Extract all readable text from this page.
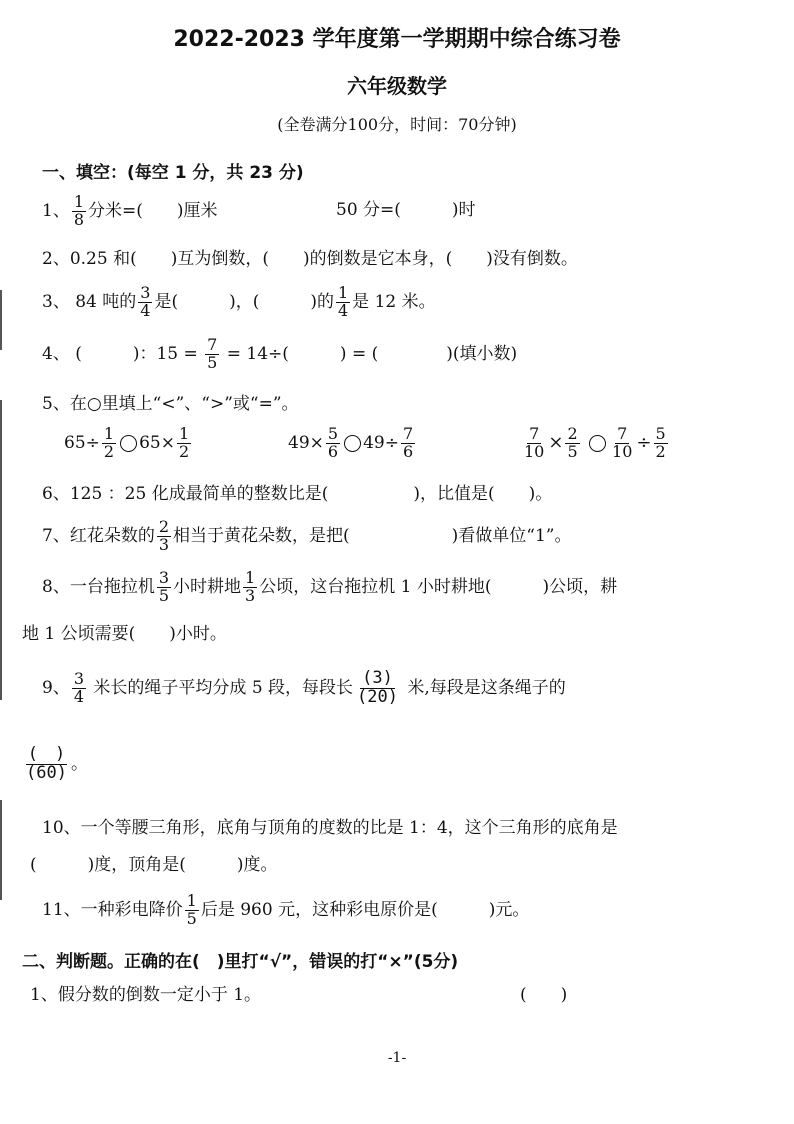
2022-2023 学年度第一学期期中综合练习卷
六年级数学
(全卷满分100分，时间：70分钟)
一、填空：(每空 1 分，共 23 分)
1、 $\frac{1}{8}$ 分米=(　　)厘米	50 分=(　　　)时
2、0.25 和(　　)互为倒数，(　　)的倒数是它本身，(　　)没有倒数。
3、 84 吨的 $\frac{3}{4}$ 是(　　　)，(　　　)的 $\frac{1}{4}$ 是 12 米。
4、 (　　　)：$15 = \frac{7}{5} = 14\div$(　　　) = (　　　　)(填小数)
5、在○里填上“<”、“>”或“=”。
$65\div \frac{1}{2} 65\times \frac{1}{2}$	$49\times \frac{5}{6} 49\div \frac{7}{6}$	$\frac{7}{10} \times \frac{2}{5}$
$\frac{7}{10} \div \frac{5}{2}$
6、125 ：25 化成最简单的整数比是(　　　　　)，比值是(　　)。
7、红花朵数的 $\frac{2}{3}$ 相当于黄花朵数，是把(　　　　　　)看做单位“1”。
8、一台拖拉机 $\frac{3}{5}$ 小时耕地 $\frac{1}{3}$ 公顷，这台拖拉机 1 小时耕地(　　　)公顷，耕
地 1 公顷需要(　　)小时。
9、 $\frac{3}{4}$ 米长的绳子平均分成 5 段，每段长 $\frac{(3)}{(20)}$ 米,每段是这条绳子的
$\frac{( )}{(60)}$ 。
10、一个等腰三角形，底角与顶角的度数的比是 1：4，这个三角形的底角是
(　　　)度，顶角是(　　　)度。
11、一种彩电降价 $\frac{1}{5}$ 后是 960 元，这种彩电原价是(　　　)元。
二、判断题。正确的在(　)里打“√”，错误的打“×”(5分)
1、假分数的倒数一定小于 1。	(　　)
-1-
